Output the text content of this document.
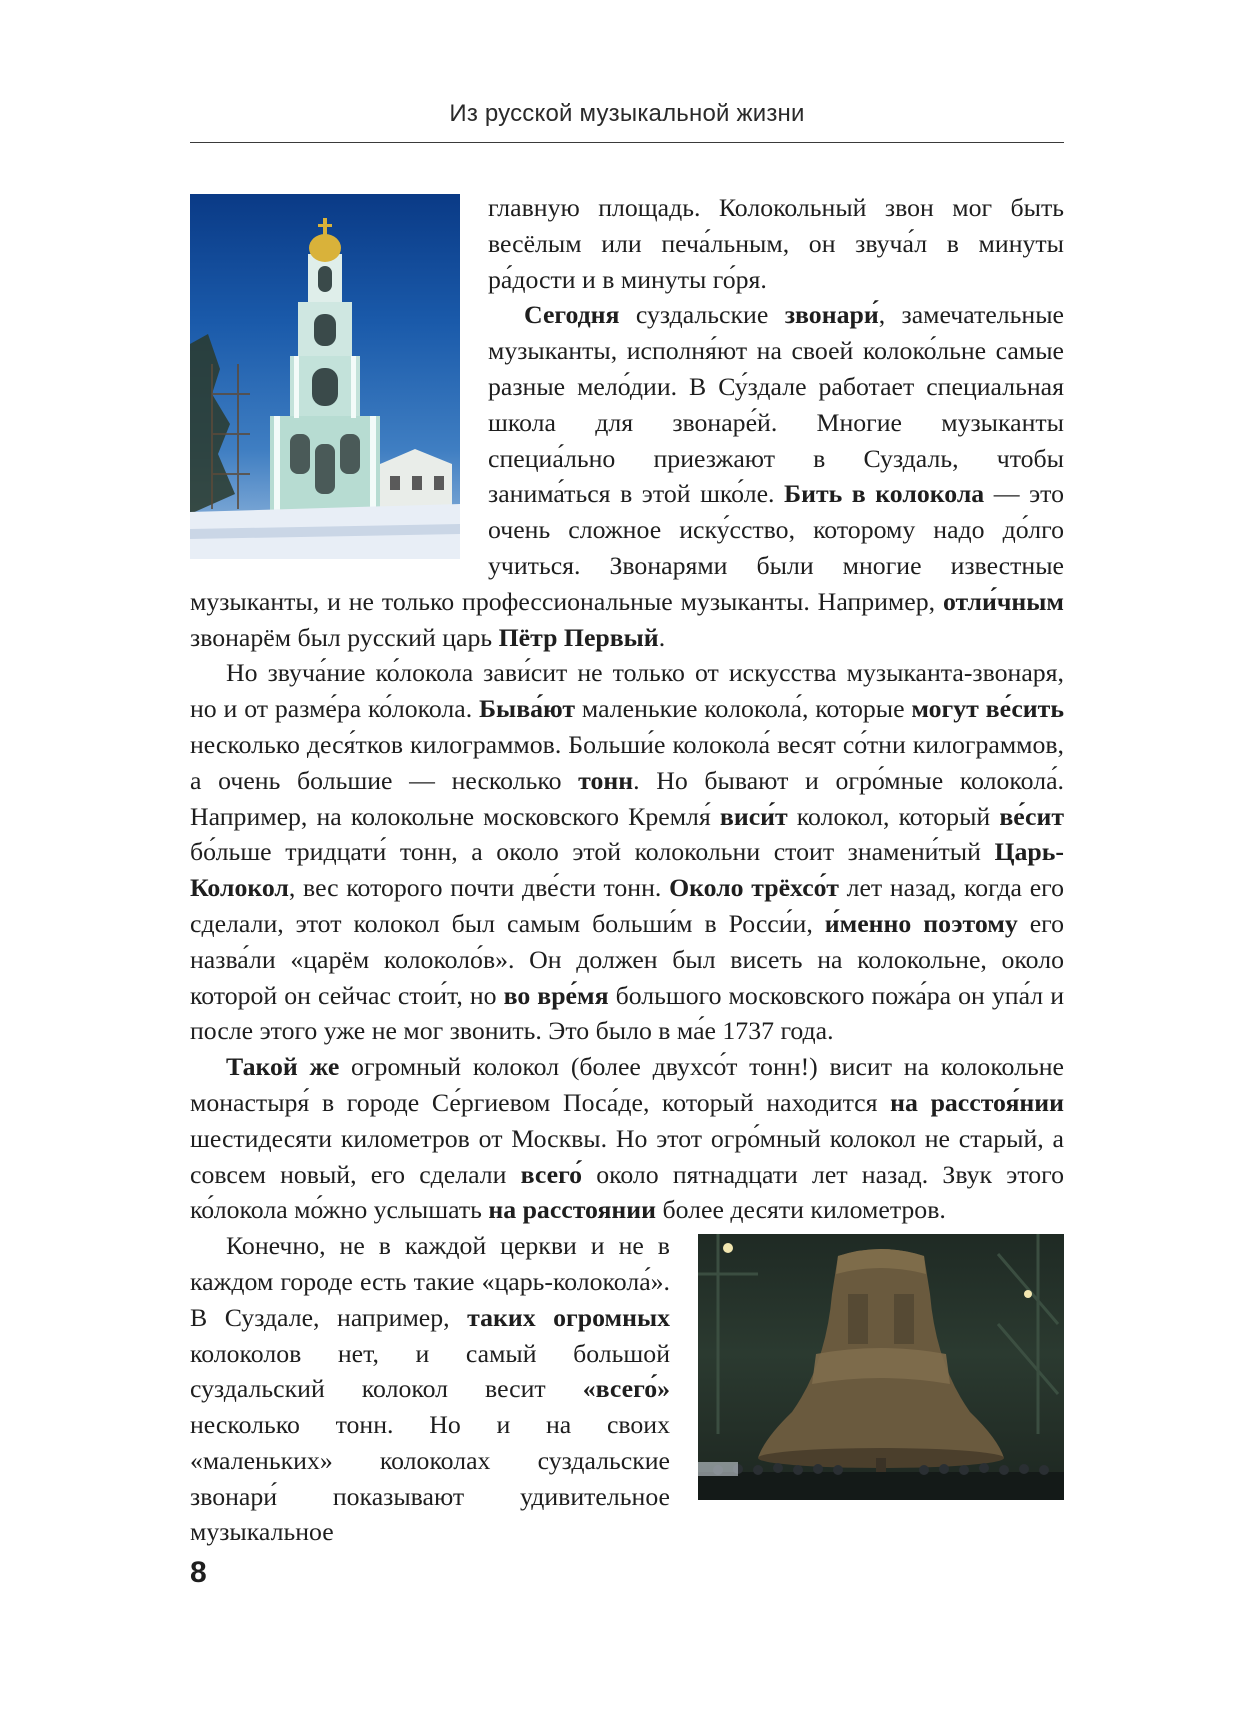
Из русской музыкальной жизни

главную площадь. Колокольный звон мог быть весёлым или печа́льным, он звуча́л в минуты ра́дости и в минуты го́ря.

Сегодня суздальские звонари́, замечательные музыканты, исполня́ют на своей колоко́льне самые разные мело́дии. В Су́здале работает специальная школа для звонаре́й. Многие музыканты специа́льно приезжают в Суздаль, чтобы занима́ться в этой шко́ле. Бить в колокола — это очень сложное иску́сство, которому надо до́лго учиться. Звонарями были многие известные музыканты, и не только профессиональные музыканты. Например, отли́чным звонарём был русский царь Пётр Первый.

Но звуча́ние ко́локола зави́сит не только от искусства музыканта-звонаря, но и от разме́ра ко́локола. Быва́ют маленькие колокола́, которые могут ве́сить несколько деся́тков килограммов. Больши́е колокола́ весят со́тни килограммов, а очень большие — несколько тонн. Но бывают и огро́мные колокола́. Например, на колокольне московского Кремля́ виси́т колокол, который ве́сит бо́льше тридцати́ тонн, а около этой колокольни стоит знамени́тый Царь-Колокол, вес которого почти две́сти тонн. Около трёхсо́т лет назад, когда его сделали, этот колокол был самым больши́м в Росси́и, и́менно поэтому его назва́ли «царём колоколо́в». Он должен был висеть на колокольне, около которой он сейчас стои́т, но во вре́мя большого московского пожа́ра он упа́л и после этого уже не мог звонить. Это было в ма́е 1737 года.

Такой же огромный колокол (более двухсо́т тонн!) висит на колокольне монастыря́ в городе Се́ргиевом Поса́де, который находится на расстоя́нии шестидесяти километров от Москвы. Но этот огро́мный колокол не старый, а совсем новый, его сделали всего́ около пятнадцати лет назад. Звук этого ко́локола мо́жно услышать на расстоянии более десяти километров.

Конечно, не в каждой церкви и не в каждом городе есть такие «царь-колокола́». В Суздале, например, таких огромных колоколов нет, и самый большой суздальский колокол весит «всего́» несколько тонн. Но и на своих «маленьких» колоколах суздальские звонари́ показывают удивительное музыкальное

8
